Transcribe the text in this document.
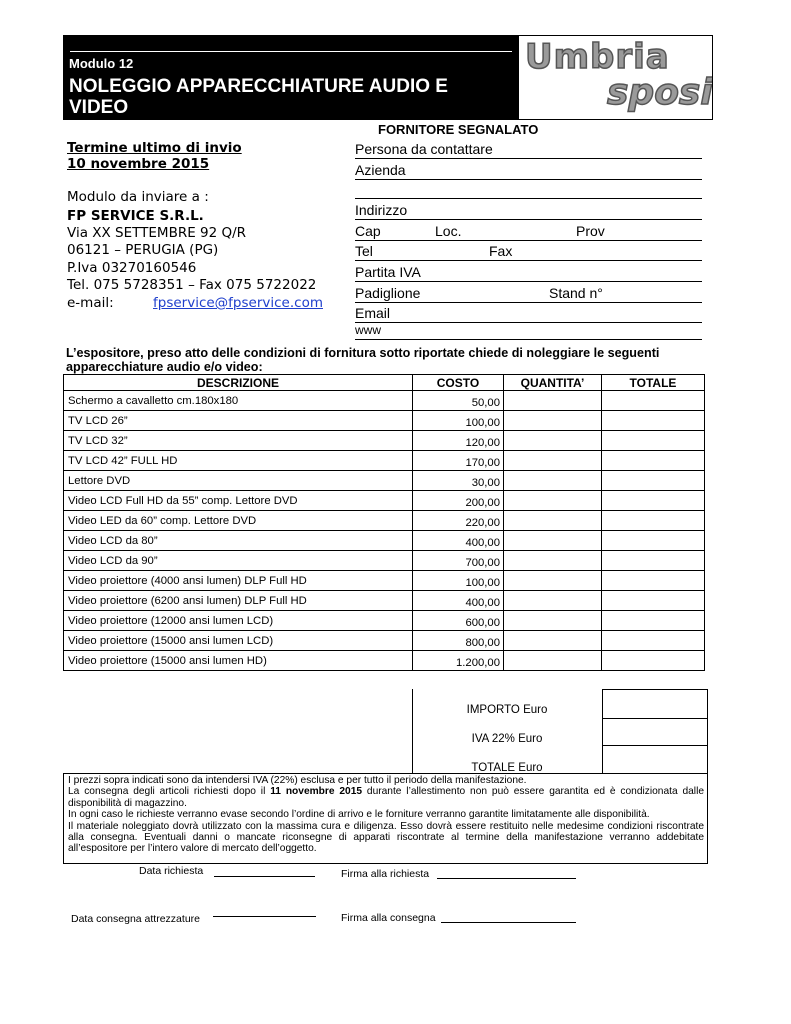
Modulo 12
NOLEGGIO APPARECCHIATURE AUDIO E VIDEO
Umbria
sposi
Termine ultimo di invio
10 novembre 2015
Modulo da inviare a :
FP SERVICE S.R.L.
Via XX SETTEMBRE 92 Q/R
06121 – PERUGIA (PG)
P.Iva 03270160546
Tel. 075 5728351 – Fax 075 5722022
e-mail:	fpservice@fpservice.com
FORNITORE SEGNALATO
Persona da contattare
Azienda
Indirizzo
Cap	Loc.	Prov
Tel	Fax
Partita IVA
Padiglione	Stand n°
Email
www
L’espositore, preso atto delle condizioni di fornitura sotto riportate chiede di noleggiare le seguenti apparecchiature audio e/o video:
DESCRIZIONE	COSTO	QUANTITA’	TOTALE
Schermo a cavalletto cm.180x180	50,00		
TV LCD 26”	100,00		
TV LCD 32”	120,00		
TV LCD 42” FULL HD	170,00		
Lettore DVD	30,00		
Video LCD Full HD da 55” comp. Lettore DVD	200,00		
Video LED da 60” comp. Lettore DVD	220,00		
Video LCD da 80”	400,00		
Video LCD da 90”	700,00		
Video proiettore (4000 ansi lumen) DLP Full HD	100,00		
Video proiettore (6200 ansi lumen) DLP Full HD	400,00		
Video proiettore (12000 ansi lumen LCD)	600,00		
Video proiettore (15000 ansi lumen LCD)	800,00		
Video proiettore (15000 ansi lumen HD)	1.200,00		
IMPORTO Euro
IVA 22% Euro
TOTALE Euro
I prezzi sopra indicati sono da intendersi IVA (22%) esclusa e per tutto il periodo della manifestazione.
La consegna degli articoli richiesti dopo il 11 novembre 2015 durante l’allestimento non può essere garantita ed è condizionata dalle disponibilità di magazzino.
In ogni caso le richieste verranno evase secondo l’ordine di arrivo e le forniture verranno garantite limitatamente alle disponibilità.
Il materiale noleggiato dovrà utilizzato con la massima cura e diligenza. Esso dovrà essere restituito nelle medesime condizioni riscontrate alla consegna. Eventuali danni o mancate riconsegne di apparati riscontrate al termine della manifestazione verranno addebitate all’espositore per l’intero valore di mercato dell’oggetto.
Data richiesta	Firma alla richiesta
Data consegna attrezzature	Firma alla consegna
